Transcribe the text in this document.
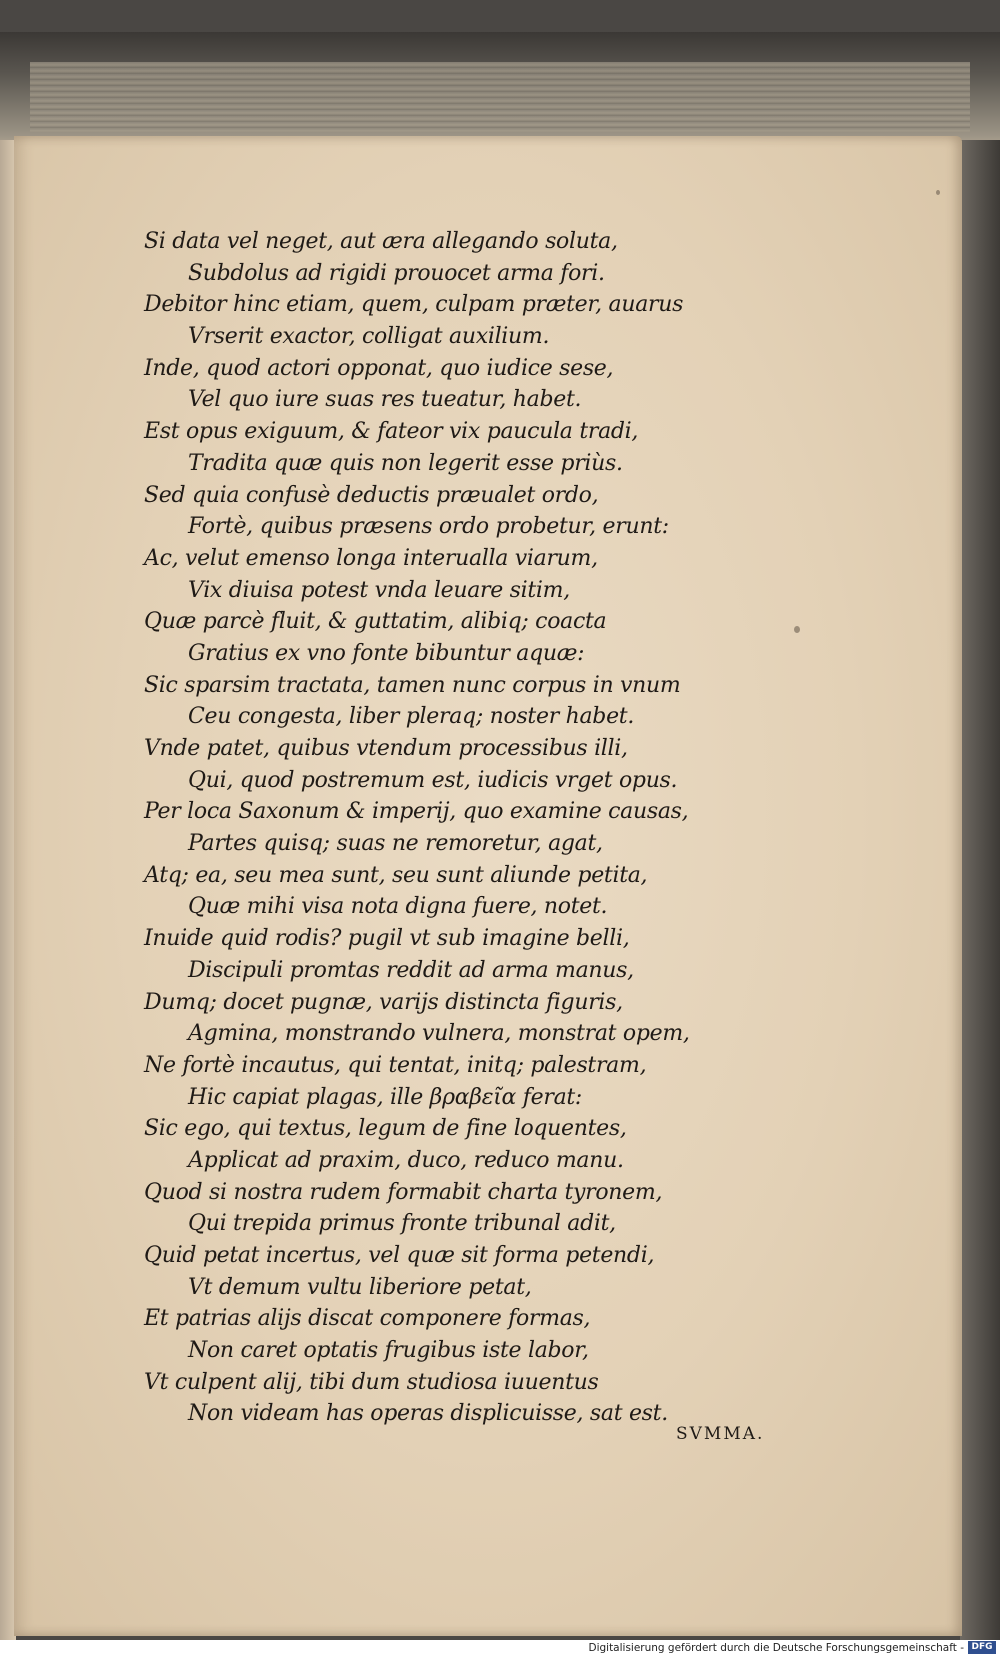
Si data vel neget, aut æra allegando soluta,
Subdolus ad rigidi prouocet arma fori.
Debitor hinc etiam, quem, culpam præter, auarus
Vrserit exactor, colligat auxilium.
Inde, quod actori opponat, quo iudice sese,
Vel quo iure suas res tueatur, habet.
Est opus exiguum, & fateor vix paucula tradi,
Tradita quæ quis non legerit esse priùs.
Sed quia confusè deductis præualet ordo,
Fortè, quibus præsens ordo probetur, erunt:
Ac, velut emenso longa interualla viarum,
Vix diuisa potest vnda leuare sitim,
Quæ parcè fluit, & guttatim, alibiq; coacta
Gratius ex vno fonte bibuntur aquæ:
Sic sparsim tractata, tamen nunc corpus in vnum
Ceu congesta, liber pleraq; noster habet.
Vnde patet, quibus vtendum processibus illi,
Qui, quod postremum est, iudicis vrget opus.
Per loca Saxonum & imperij, quo examine causas,
Partes quisq; suas ne remoretur, agat,
Atq; ea, seu mea sunt, seu sunt aliunde petita,
Quæ mihi visa nota digna fuere, notet.
Inuide quid rodis? pugil vt sub imagine belli,
Discipuli promtas reddit ad arma manus,
Dumq; docet pugnæ, varijs distincta figuris,
Agmina, monstrando vulnera, monstrat opem,
Ne fortè incautus, qui tentat, initq; palestram,
Hic capiat plagas, ille βραβεῖα ferat:
Sic ego, qui textus, legum de fine loquentes,
Applicat ad praxim, duco, reduco manu.
Quod si nostra rudem formabit charta tyronem,
Qui trepida primus fronte tribunal adit,
Quid petat incertus, vel quæ sit forma petendi,
Vt demum vultu liberiore petat,
Et patrias alijs discat componere formas,
Non caret optatis frugibus iste labor,
Vt culpent alij, tibi dum studiosa iuuentus
Non videam has operas displicuisse, sat est.
SVMMA.
Digitalisierung gefördert durch die Deutsche Forschungsgemeinschaft - DFG
